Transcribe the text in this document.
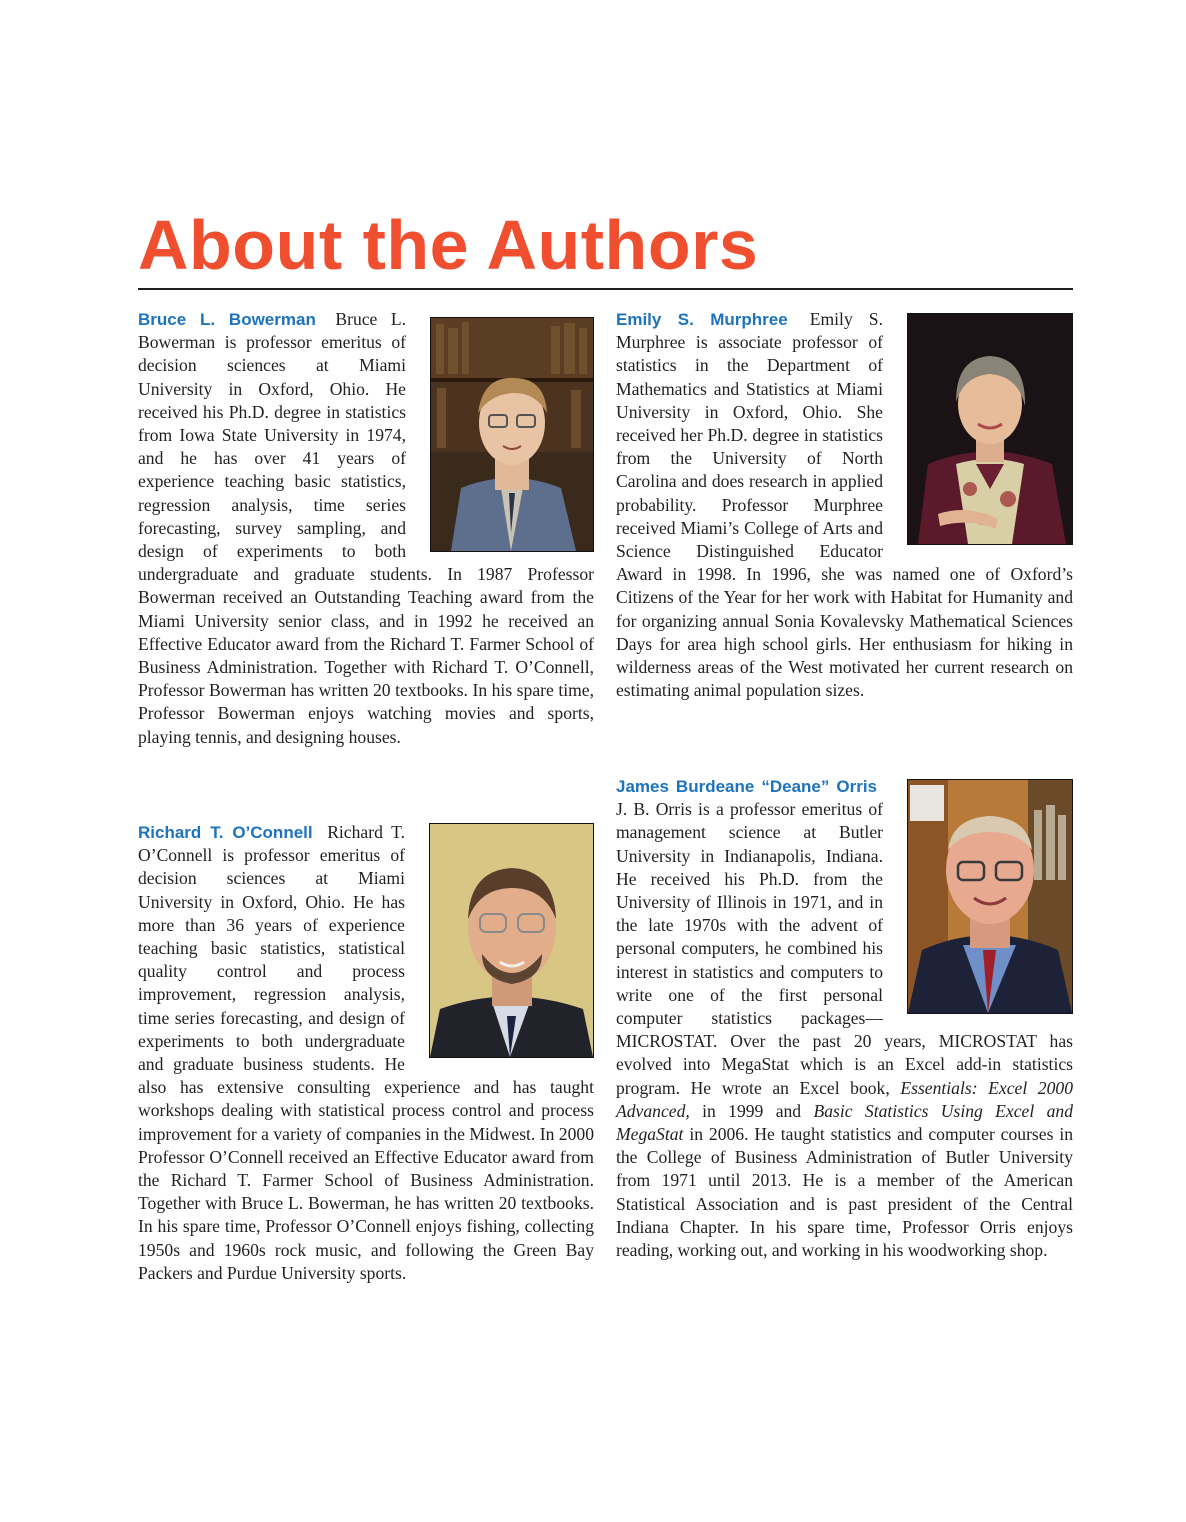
About the Authors
Bruce L. Bowerman Bruce L. Bowerman is professor emeritus of decision sciences at Miami University in Oxford, Ohio. He received his Ph.D. degree in statistics from Iowa State University in 1974, and he has over 41 years of experience teaching basic statistics, regression analysis, time series forecasting, survey sampling, and design of experiments to both undergraduate and graduate students. In 1987 Professor Bowerman received an Outstanding Teaching award from the Miami University senior class, and in 1992 he received an Effective Educator award from the Richard T. Farmer School of Business Administration. Together with Richard T. O’Connell, Professor Bowerman has written 20 textbooks. In his spare time, Professor Bowerman enjoys watching movies and sports, playing tennis, and designing houses.
Richard T. O’Connell Richard T. O’Connell is professor emeritus of decision sciences at Miami University in Oxford, Ohio. He has more than 36 years of experience teaching basic statistics, statistical quality control and process improvement, regression analysis, time series forecasting, and design of experiments to both undergraduate and graduate business students. He also has extensive consulting experience and has taught workshops dealing with statistical process control and process improvement for a variety of companies in the Midwest. In 2000 Professor O’Connell received an Effective Educator award from the Richard T. Farmer School of Business Administration. Together with Bruce L. Bowerman, he has written 20 textbooks. In his spare time, Professor O’Connell enjoys fishing, collecting 1950s and 1960s rock music, and following the Green Bay Packers and Purdue University sports.
Emily S. Murphree Emily S. Murphree is associate professor of statistics in the Department of Mathematics and Statistics at Miami University in Oxford, Ohio. She received her Ph.D. degree in statistics from the University of North Carolina and does research in applied probability. Professor Murphree received Miami’s College of Arts and Science Distinguished Educator Award in 1998. In 1996, she was named one of Oxford’s Citizens of the Year for her work with Habitat for Humanity and for organizing annual Sonia Kovalevsky Mathematical Sciences Days for area high school girls. Her enthusiasm for hiking in wilderness areas of the West motivated her current research on estimating animal population sizes.
James Burdeane “Deane” Orris J. B. Orris is a professor emeritus of management science at Butler University in Indianapolis, Indiana. He received his Ph.D. from the University of Illinois in 1971, and in the late 1970s with the advent of personal computers, he combined his interest in statistics and computers to write one of the first personal computer statistics packages—MICROSTAT. Over the past 20 years, MICROSTAT has evolved into MegaStat which is an Excel add-in statistics program. He wrote an Excel book, Essentials: Excel 2000 Advanced, in 1999 and Basic Statistics Using Excel and MegaStat in 2006. He taught statistics and computer courses in the College of Business Administration of Butler University from 1971 until 2013. He is a member of the American Statistical Association and is past president of the Central Indiana Chapter. In his spare time, Professor Orris enjoys reading, working out, and working in his woodworking shop.
